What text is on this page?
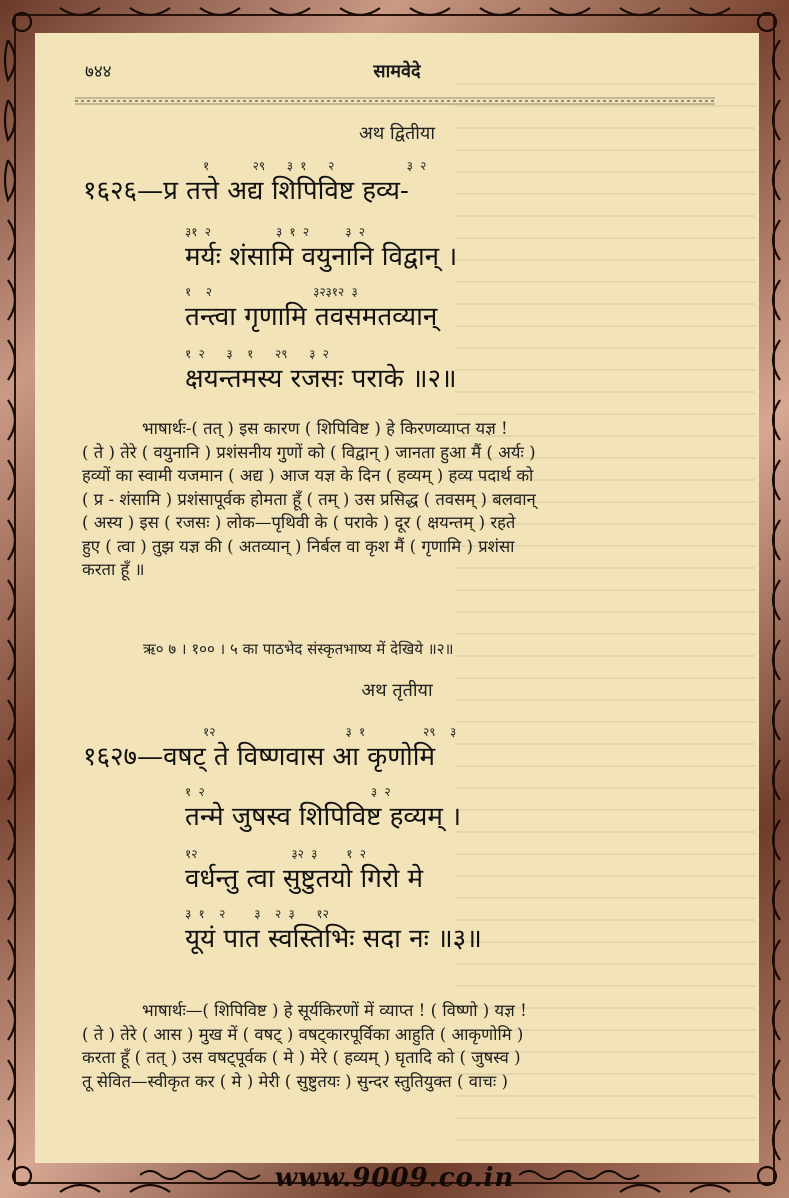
७४४	सामवेदे
अथ द्वितीया
१      २९   ३ १   २          ३ २
१६२६—प्र तत्ते अद्य शिपिविष्ट हव्य-
३१ २         ३ १ २     ३ २
मर्यः शंसामि वयुनानि विद्वान् ।
१  २              ३२३१२ ३
तन्त्वा गृणामि तवसमतव्यान्
१ २   ३  १   २९   ३ २
क्षयन्तमस्य रजसः पराके ॥२॥
भाषार्थः-( तत् ) इस कारण ( शिपिविष्ट ) हे किरणव्याप्त यज्ञ !
( ते ) तेरे ( वयुनानि ) प्रशंसनीय गुणों को ( विद्वान् ) जानता हुआ मैं ( अर्यः )
हव्यों का स्वामी यजमान ( अद्य ) आज यज्ञ के दिन ( हव्यम् ) हव्य पदार्थ को
( प्र - शंसामि ) प्रशंसापूर्वक होमता हूँ ( तम् ) उस प्रसिद्ध ( तवसम् ) बलवान्
( अस्य ) इस ( रजसः ) लोक—पृथिवी के ( पराके ) दूर ( क्षयन्तम् ) रहते
हुए ( त्वा ) तुझ यज्ञ की ( अतव्यान् ) निर्बल वा कृश मैं ( गृणामि ) प्रशंसा
करता हूँ ॥
ऋ० ७ । १०० । ५ का पाठभेद संस्कृतभाष्य में देखिये ॥२॥
अथ तृतीया
१२                  ३ १        २९  ३
१६२७—वषट् ते विष्णवास आ कृणोमि
१ २                       ३ २
तन्मे जुषस्व शिपिविष्ट हव्यम् ।
१२             ३२ ३    १ २
वर्धन्तु त्वा सुष्टुतयो गिरो मे
३ १  २    ३  २ ३   १२
यूयं पात स्वस्तिभिः सदा नः ॥३॥
भाषार्थः—( शिपिविष्ट ) हे सूर्यकिरणों में व्याप्त ! ( विष्णो ) यज्ञ !
( ते ) तेरे ( आस ) मुख में ( वषट् ) वषट्कारपूर्विका आहुति ( आकृणोमि )
करता हूँ ( तत् ) उस वषट्पूर्वक ( मे ) मेरे ( हव्यम् ) घृतादि को ( जुषस्व )
तू सेवित—स्वीकृत कर ( मे ) मेरी ( सुष्टुतयः ) सुन्दर स्तुतियुक्त ( वाचः )
www.9009.co.in
